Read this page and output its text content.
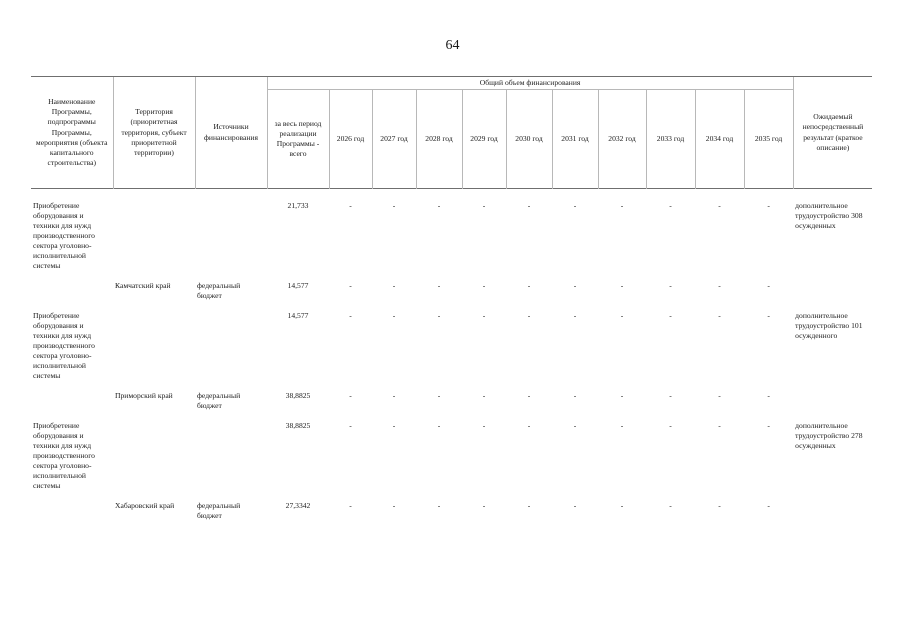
64
Наименование Программы, подпрограммы Программы, мероприятия (объекта капитального строительства)	Территория (приоритетная территория, субъект приоритетной территории)	Источники финансирования	Общий объем финансирования											Ожидаемый непосредственный результат (краткое описание)
			за весь период реализации Программы - всего	2026 год	2027 год	2028 год	2029 год	2030 год	2031 год	2032 год	2033 год	2034 год	2035 год	

Приобретение оборудования и техники для нужд производственного сектора уголовно-исполнительной системы			21,733	-	-	-	-	-	-	-	-	-	-	дополнительное трудоустройство 308 осужденных
	Камчатский край	федеральный бюджет	14,577	-	-	-	-	-	-	-	-	-	-	
Приобретение оборудования и техники для нужд производственного сектора уголовно-исполнительной системы			14,577	-	-	-	-	-	-	-	-	-	-	дополнительное трудоустройство 101 осужденного
	Приморский край	федеральный бюджет	38,8825	-	-	-	-	-	-	-	-	-	-	
Приобретение оборудования и техники для нужд производственного сектора уголовно-исполнительной системы			38,8825	-	-	-	-	-	-	-	-	-	-	дополнительное трудоустройство 278 осужденных
	Хабаровский край	федеральный бюджет	27,3342	-	-	-	-	-	-	-	-	-	-	
